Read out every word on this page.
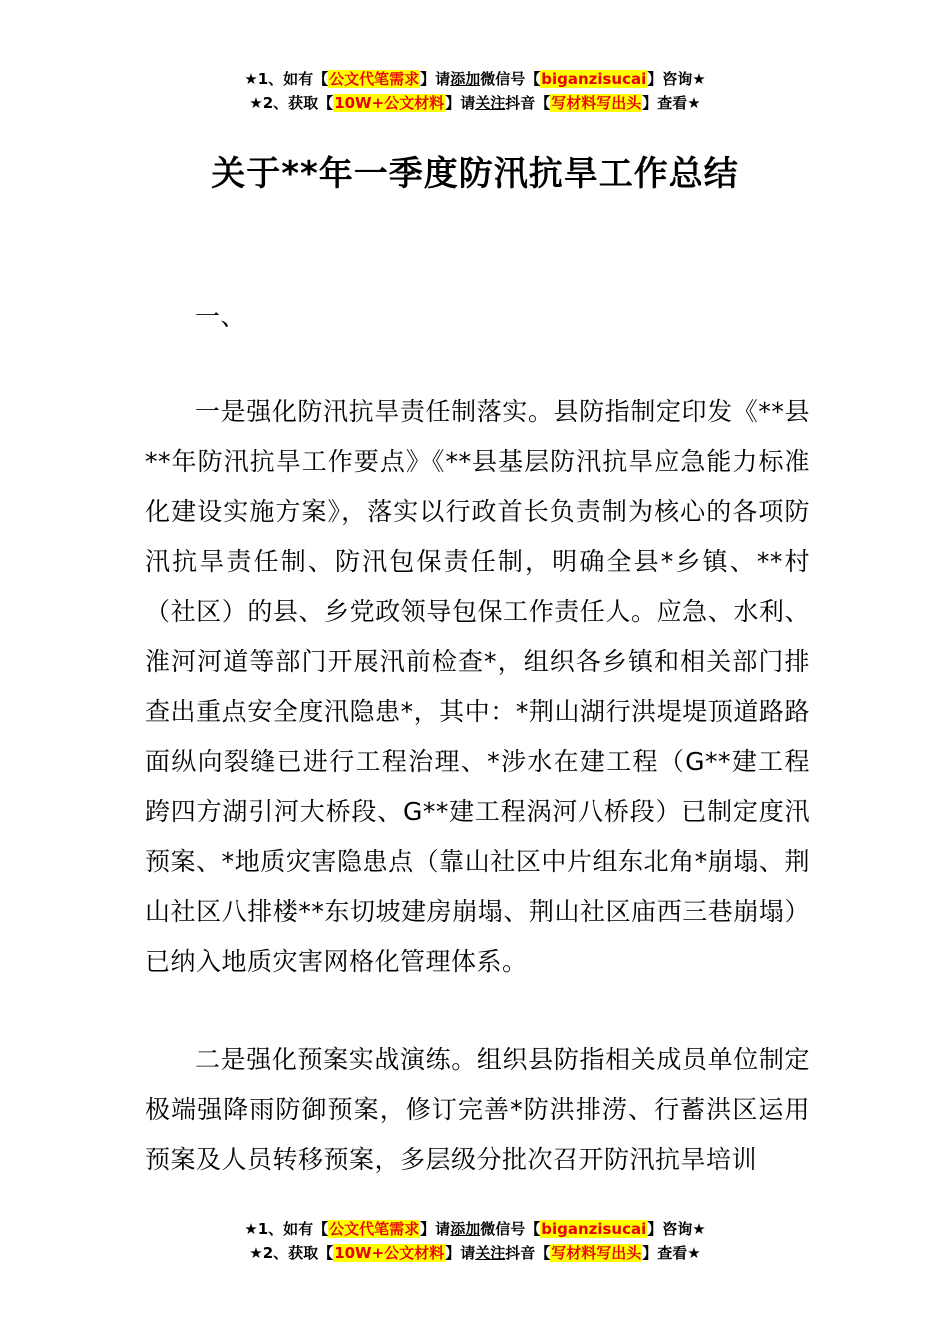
★1、如有【公文代笔需求】请添加微信号【biganzisucai】咨询★
★2、获取【10W+公文材料】请关注抖音【写材料写出头】查看★
关于**年一季度防汛抗旱工作总结

一、

一是强化防汛抗旱责任制落实。县防指制定印发《**县**年防汛抗旱工作要点》《**县基层防汛抗旱应急能力标准化建设实施方案》，落实以行政首长负责制为核心的各项防汛抗旱责任制、防汛包保责任制，明确全县*乡镇、**村（社区）的县、乡党政领导包保工作责任人。应急、水利、淮河河道等部门开展汛前检查*，组织各乡镇和相关部门排查出重点安全度汛隐患*，其中：*荆山湖行洪堤堤顶道路路面纵向裂缝已进行工程治理、*涉水在建工程（G**建工程跨四方湖引河大桥段、G**建工程涡河八桥段）已制定度汛预案、*地质灾害隐患点（靠山社区中片组东北角*崩塌、荆山社区八排楼**东切坡建房崩塌、荆山社区庙西三巷崩塌）已纳入地质灾害网格化管理体系。

二是强化预案实战演练。组织县防指相关成员单位制定极端强降雨防御预案，修订完善*防洪排涝、行蓄洪区运用预案及人员转移预案，多层级分批次召开防汛抗旱培训

★1、如有【公文代笔需求】请添加微信号【biganzisucai】咨询★
★2、获取【10W+公文材料】请关注抖音【写材料写出头】查看★
